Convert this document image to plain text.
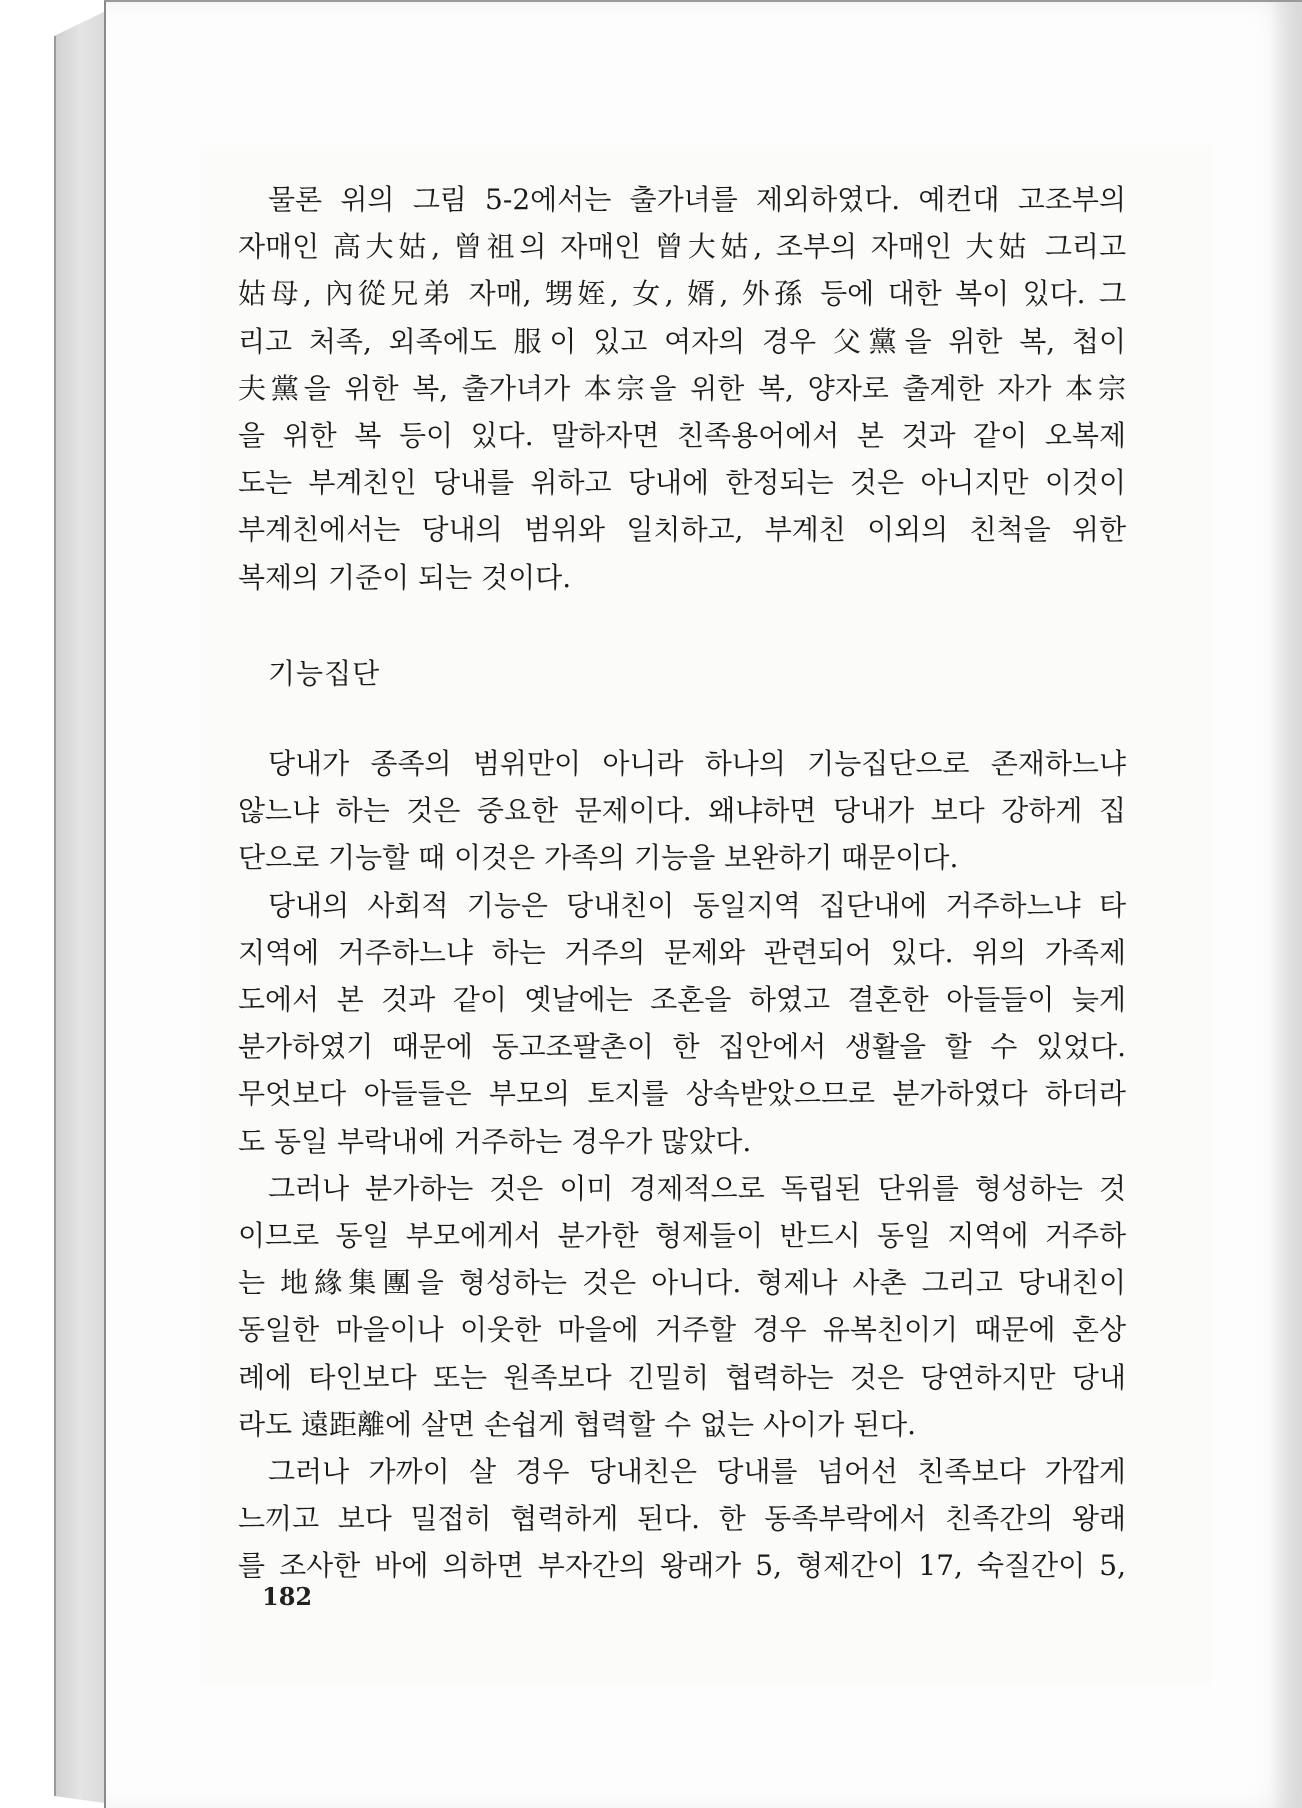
물론 위의 그림 5-2에서는 출가녀를 제외하였다. 예컨대 고조부의
자매인 高大姑, 曾祖의 자매인 曾大姑, 조부의 자매인 大姑 그리고
姑母, 內從兄弟 자매, 甥姪, 女, 婿, 外孫 등에 대한 복이 있다. 그
리고 처족, 외족에도 服이 있고 여자의 경우 父黨을 위한 복, 첩이
夫黨을 위한 복, 출가녀가 本宗을 위한 복, 양자로 출계한 자가 本宗
을 위한 복 등이 있다. 말하자면 친족용어에서 본 것과 같이 오복제
도는 부계친인 당내를 위하고 당내에 한정되는 것은 아니지만 이것이
부계친에서는 당내의 범위와 일치하고, 부계친 이외의 친척을 위한
복제의 기준이 되는 것이다.
기능집단
당내가 종족의 범위만이 아니라 하나의 기능집단으로 존재하느냐
않느냐 하는 것은 중요한 문제이다. 왜냐하면 당내가 보다 강하게 집
단으로 기능할 때 이것은 가족의 기능을 보완하기 때문이다.
당내의 사회적 기능은 당내친이 동일지역 집단내에 거주하느냐 타
지역에 거주하느냐 하는 거주의 문제와 관련되어 있다. 위의 가족제
도에서 본 것과 같이 옛날에는 조혼을 하였고 결혼한 아들들이 늦게
분가하였기 때문에 동고조팔촌이 한 집안에서 생활을 할 수 있었다.
무엇보다 아들들은 부모의 토지를 상속받았으므로 분가하였다 하더라
도 동일 부락내에 거주하는 경우가 많았다.
그러나 분가하는 것은 이미 경제적으로 독립된 단위를 형성하는 것
이므로 동일 부모에게서 분가한 형제들이 반드시 동일 지역에 거주하
는 地緣集團을 형성하는 것은 아니다. 형제나 사촌 그리고 당내친이
동일한 마을이나 이웃한 마을에 거주할 경우 유복친이기 때문에 혼상
례에 타인보다 또는 원족보다 긴밀히 협력하는 것은 당연하지만 당내
라도 遠距離에 살면 손쉽게 협력할 수 없는 사이가 된다.
그러나 가까이 살 경우 당내친은 당내를 넘어선 친족보다 가깝게
느끼고 보다 밀접히 협력하게 된다. 한 동족부락에서 친족간의 왕래
를 조사한 바에 의하면 부자간의 왕래가 5, 형제간이 17, 숙질간이 5,
182
